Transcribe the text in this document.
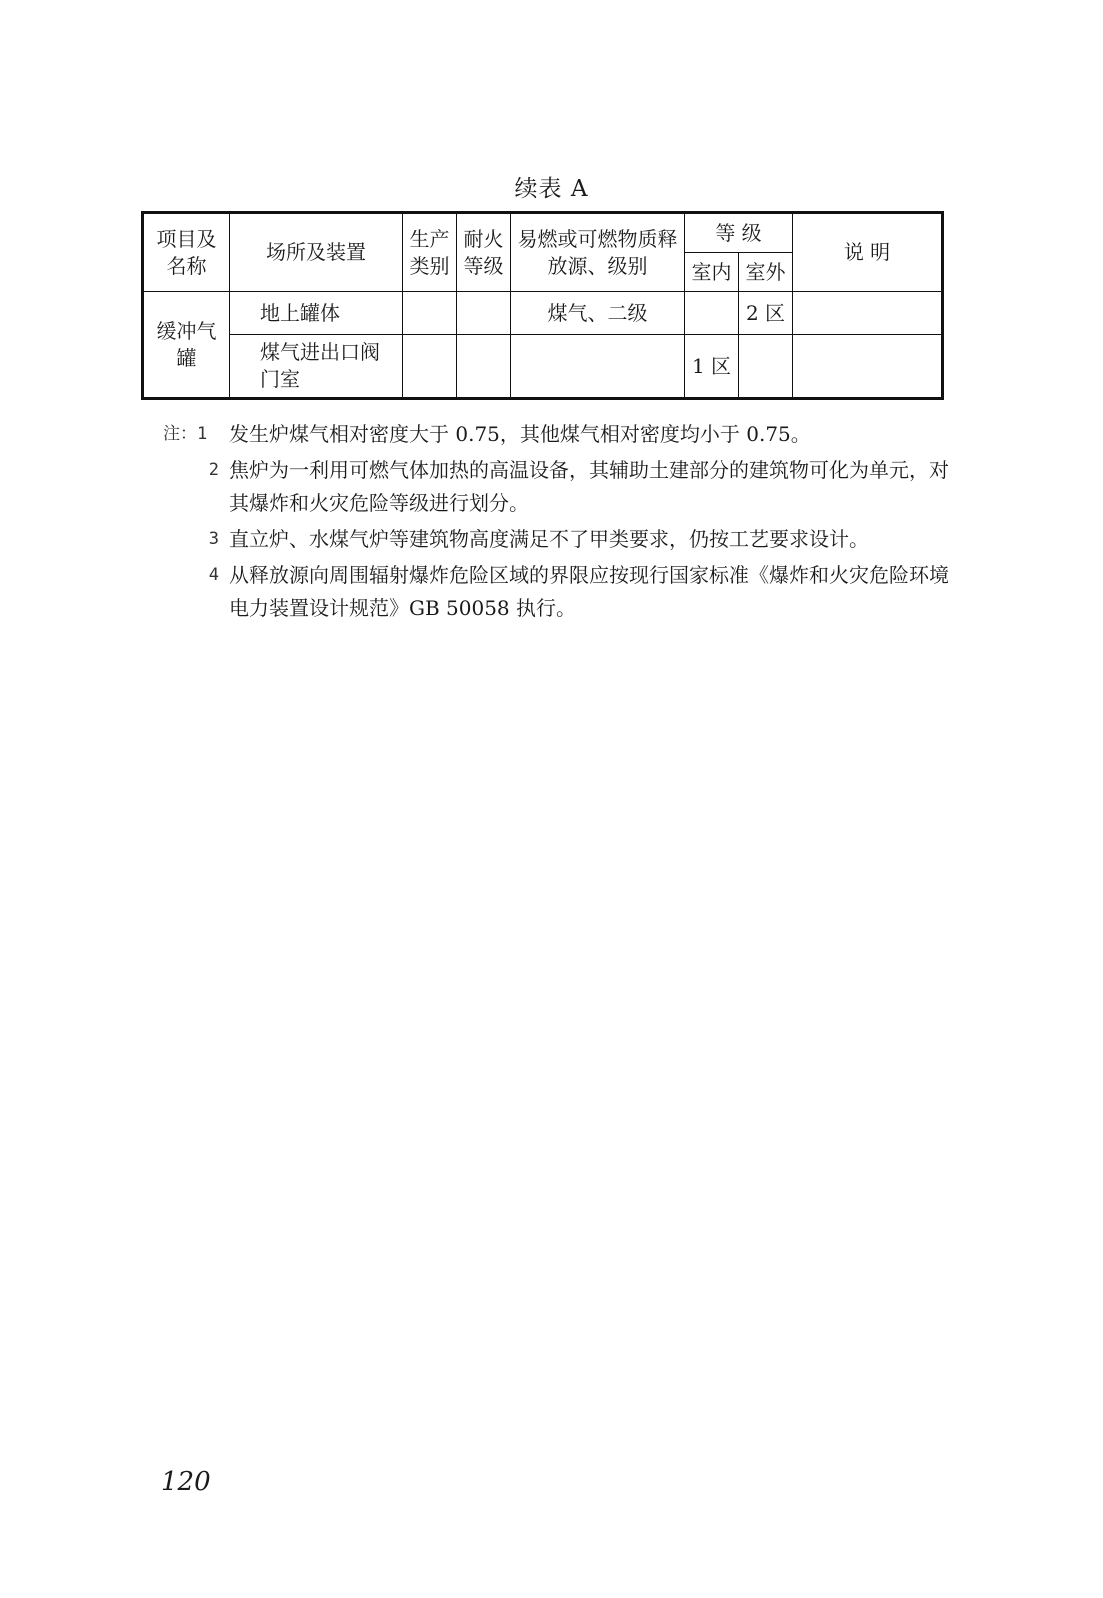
续表 A
项目及名称	场所及装置	生产类别	耐火等级	易燃或可燃物质释放源、级别	等 级		说 明
					室内	室外	
缓冲气罐	地上罐体			煤气、二级		2 区	

	煤气进出口阀门室				1 区		
注：1	发生炉煤气相对密度大于 0.75，其他煤气相对密度均小于 0.75。
2 焦炉为一利用可燃气体加热的高温设备，其辅助土建部分的建筑物可化为单元，对其爆炸和火灾危险等级进行划分。
3 直立炉、水煤气炉等建筑物高度满足不了甲类要求，仍按工艺要求设计。
4 从释放源向周围辐射爆炸危险区域的界限应按现行国家标准《爆炸和火灾危险环境电力装置设计规范》GB 50058 执行。
120
